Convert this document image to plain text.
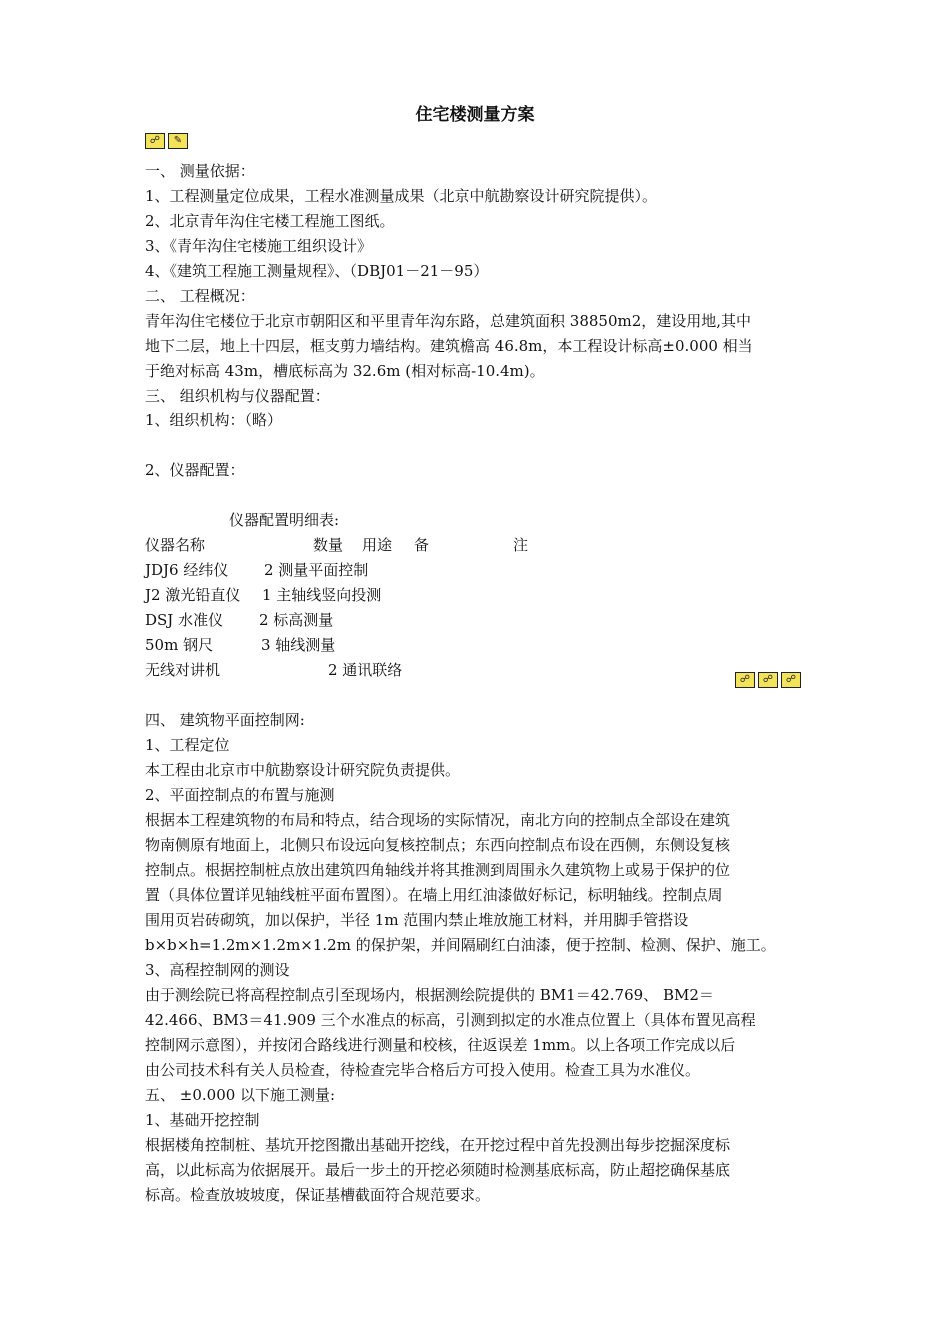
住宅楼测量方案
☍	✎
一、 测量依据：
1、工程测量定位成果，工程水准测量成果（北京中航勘察设计研究院提供）。
2、北京青年沟住宅楼工程施工图纸。
3、《青年沟住宅楼施工组织设计》
4、《建筑工程施工测量规程》、（DBJ01－21－95）
二、 工程概况：
青年沟住宅楼位于北京市朝阳区和平里青年沟东路，总建筑面积 38850m2，建设用地,其中
地下二层，地上十四层，框支剪力墙结构。建筑檐高 46.8m，本工程设计标高±0.000 相当
于绝对标高 43m，槽底标高为 32.6m (相对标高-10.4m)。
三、 组织机构与仪器配置：
1、组织机构：（略）
2、仪器配置：
仪器配置明细表:
仪器名称	数量 用途 备	注
JDJ6 经纬仪 2 测量平面控制
J2 激光铅直仪 1 主轴线竖向投测
DSJ 水准仪 2 标高测量
50m 钢尺	3 轴线测量
无线对讲机	2 通讯联络
☍	☍	☍
四、 建筑物平面控制网:
1、工程定位
本工程由北京市中航勘察设计研究院负责提供。
2、平面控制点的布置与施测
根据本工程建筑物的布局和特点，结合现场的实际情况，南北方向的控制点全部设在建筑
物南侧原有地面上，北侧只布设远向复核控制点；东西向控制点布设在西侧，东侧设复核
控制点。根据控制桩点放出建筑四角轴线并将其推测到周围永久建筑物上或易于保护的位
置（具体位置详见轴线桩平面布置图）。在墙上用红油漆做好标记，标明轴线。控制点周
围用页岩砖砌筑，加以保护，半径 1m 范围内禁止堆放施工材料，并用脚手管搭设
b×b×h=1.2m×1.2m×1.2m 的保护架，并间隔刷红白油漆，便于控制、检测、保护、施工。
3、高程控制网的测设
由于测绘院已将高程控制点引至现场内，根据测绘院提供的 BM1＝42.769、 BM2＝
42.466、BM3＝41.909 三个水准点的标高，引测到拟定的水准点位置上（具体布置见高程
控制网示意图），并按闭合路线进行测量和校核，往返误差 1mm。以上各项工作完成以后
由公司技术科有关人员检查，待检查完毕合格后方可投入使用。检查工具为水准仪。
五、 ±0.000 以下施工测量:
1、基础开挖控制
根据楼角控制桩、基坑开挖图撒出基础开挖线，在开挖过程中首先投测出每步挖掘深度标
高，以此标高为依据展开。最后一步土的开挖必须随时检测基底标高，防止超挖确保基底
标高。检查放坡坡度，保证基槽截面符合规范要求。
